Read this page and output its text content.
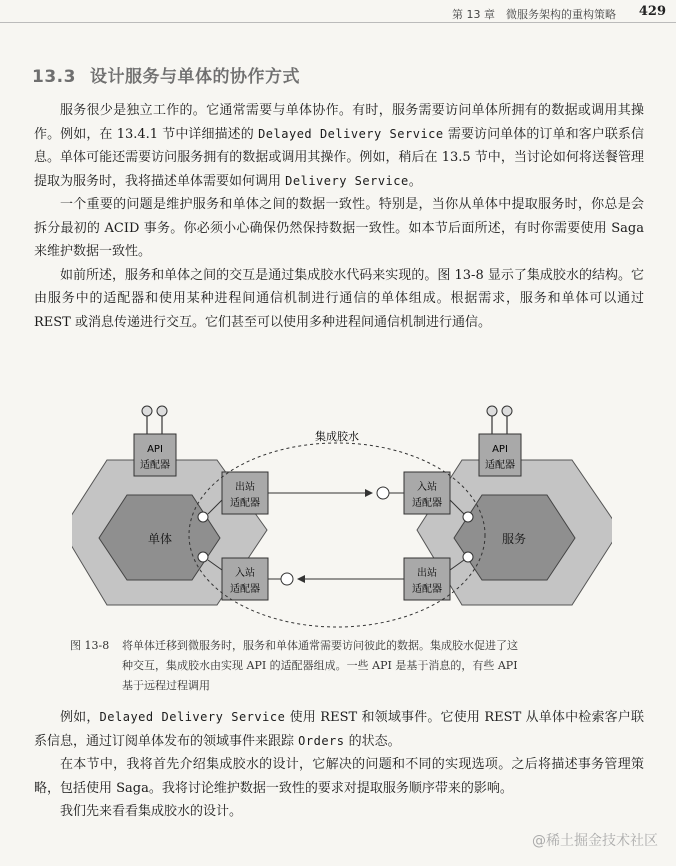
第 13 章　微服务架构的重构策略 429
13.3 设计服务与单体的协作方式

服务很少是独立工作的。它通常需要与单体协作。有时，服务需要访问单体所拥有的数据或调用其操作。例如，在 13.4.1 节中详细描述的 Delayed Delivery Service 需要访问单体的订单和客户联系信息。单体可能还需要访问服务拥有的数据或调用其操作。例如，稍后在 13.5 节中，当讨论如何将送餐管理提取为服务时，我将描述单体需要如何调用 Delivery Service。

一个重要的问题是维护服务和单体之间的数据一致性。特别是，当你从单体中提取服务时，你总是会拆分最初的 ACID 事务。你必须小心确保仍然保持数据一致性。如本节后面所述，有时你需要使用 Saga 来维护数据一致性。

如前所述，服务和单体之间的交互是通过集成胶水代码来实现的。图 13-8 显示了集成胶水的结构。它由服务中的适配器和使用某种进程间通信机制进行通信的单体组成。根据需求，服务和单体可以通过 REST 或消息传递进行交互。它们甚至可以使用多种进程间通信机制进行通信。

单体
API
适配器
出站
适配器
入站
适配器
服务
API
适配器
入站
适配器
出站
适配器
集成胶水
图 13-8	将单体迁移到微服务时，服务和单体通常需要访问彼此的数据。集成胶水促进了这
种交互，集成胶水由实现 API 的适配器组成。一些 API 是基于消息的，有些 API
基于远程过程调用

例如，Delayed Delivery Service 使用 REST 和领域事件。它使用 REST 从单体中检索客户联系信息，通过订阅单体发布的领域事件来跟踪 Orders 的状态。

在本节中，我将首先介绍集成胶水的设计，它解决的问题和不同的实现选项。之后将描述事务管理策略，包括使用 Saga。我将讨论维护数据一致性的要求对提取服务顺序带来的影响。

我们先来看看集成胶水的设计。

@稀土掘金技术社区
